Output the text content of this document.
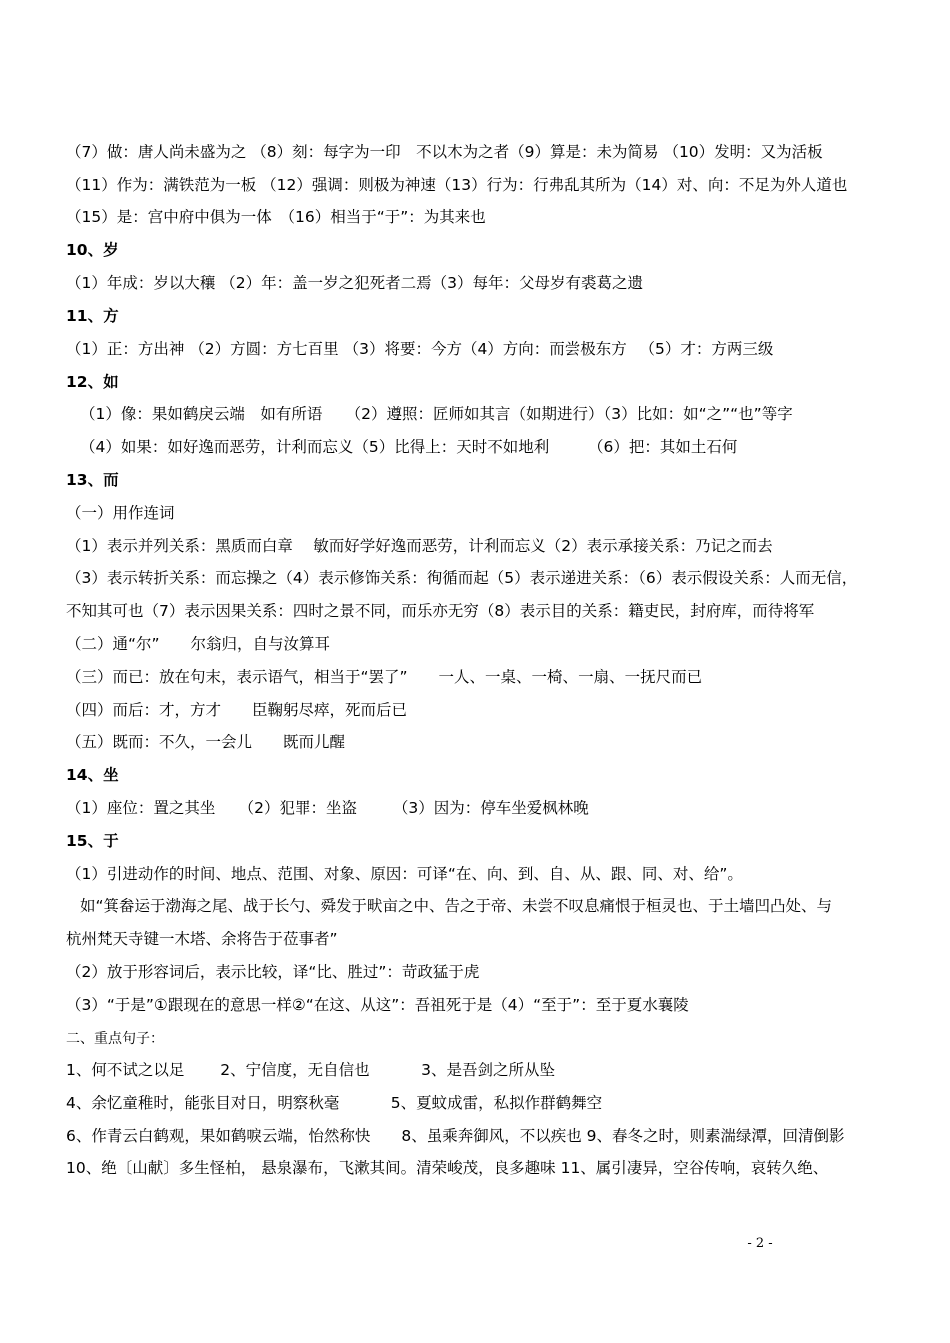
（7）做：唐人尚未盛为之 （8）刻：每字为一印　不以木为之者（9）算是：未为简易 （10）发明：又为活板
（11）作为：满铁范为一板 （12）强调：则极为神速（13）行为：行弗乱其所为（14）对、向：不足为外人道也
（15）是：宫中府中俱为一体　（16）相当于“于”：为其来也
10、岁
（1）年成：岁以大穰 （2）年：盖一岁之犯死者二焉（3）每年：父母岁有裘葛之遗
11、方
（1）正：方出神 （2）方圆：方七百里 （3）将要：今方（4）方向：而尝极东方 　（5）才：方两三级
12、如
（1）像：果如鹤戾云端　如有所语　　（2）遵照：匠师如其言（如期进行）（3）比如：如“之”“也”等字
（4）如果：如好逸而恶劳，计利而忘义（5）比得上：天时不如地利　　　（6）把：其如土石何
13、而
（一）用作连词
（1）表示并列关系：黑质而白章　 敏而好学好逸而恶劳，计利而忘义（2）表示承接关系：乃记之而去
（3）表示转折关系：而忘操之（4）表示修饰关系：徇循而起（5）表示递进关系：（6）表示假设关系：人而无信，
不知其可也（7）表示因果关系：四时之景不同，而乐亦无穷（8）表示目的关系：籍吏民，封府库，而待将军
（二）通“尔”　　尔翁归，自与汝算耳
（三）而已：放在句末，表示语气，相当于“罢了”　　一人、一桌、一椅、一扇、一抚尺而已
（四）而后：才，方才　　臣鞠躬尽瘁，死而后已
（五）既而：不久，一会儿　　既而儿醒
14、坐
（1）座位：置之其坐　　（2）犯罪：坐盗　　 （3）因为：停车坐爱枫林晚
15、于
（1）引进动作的时间、地点、范围、对象、原因：可译“在、向、到、自、从、跟、同、对、给”。
如“箕畚运于渤海之尾、战于长勺、舜发于畎亩之中、告之于帝、未尝不叹息痛恨于桓灵也、于土墙凹凸处、与
杭州梵天寺键一木塔、余将告于莅事者”
（2）放于形容词后，表示比较，译“比、胜过”：苛政猛于虎
（3）“于是”①跟现在的意思一样②“在这、从这”：吾祖死于是（4）“至于”：至于夏水襄陵
二、重点句子：
1、何不试之以足　　 2、宁信度，无自信也　　　 3、是吾剑之所从坠
4、余忆童稚时，能张目对日，明察秋毫　　　 5、夏蚊成雷，私拟作群鹤舞空
6、作青云白鹤观，果如鹤唳云端，怡然称快　　8、虽乘奔御风，不以疾也 9、春冬之时，则素湍绿潭，回清倒影
10、绝〔山献〕多生怪柏， 悬泉瀑布，飞漱其间。清荣峻茂，良多趣味 11、属引凄异，空谷传响，哀转久绝、
- 2 -
